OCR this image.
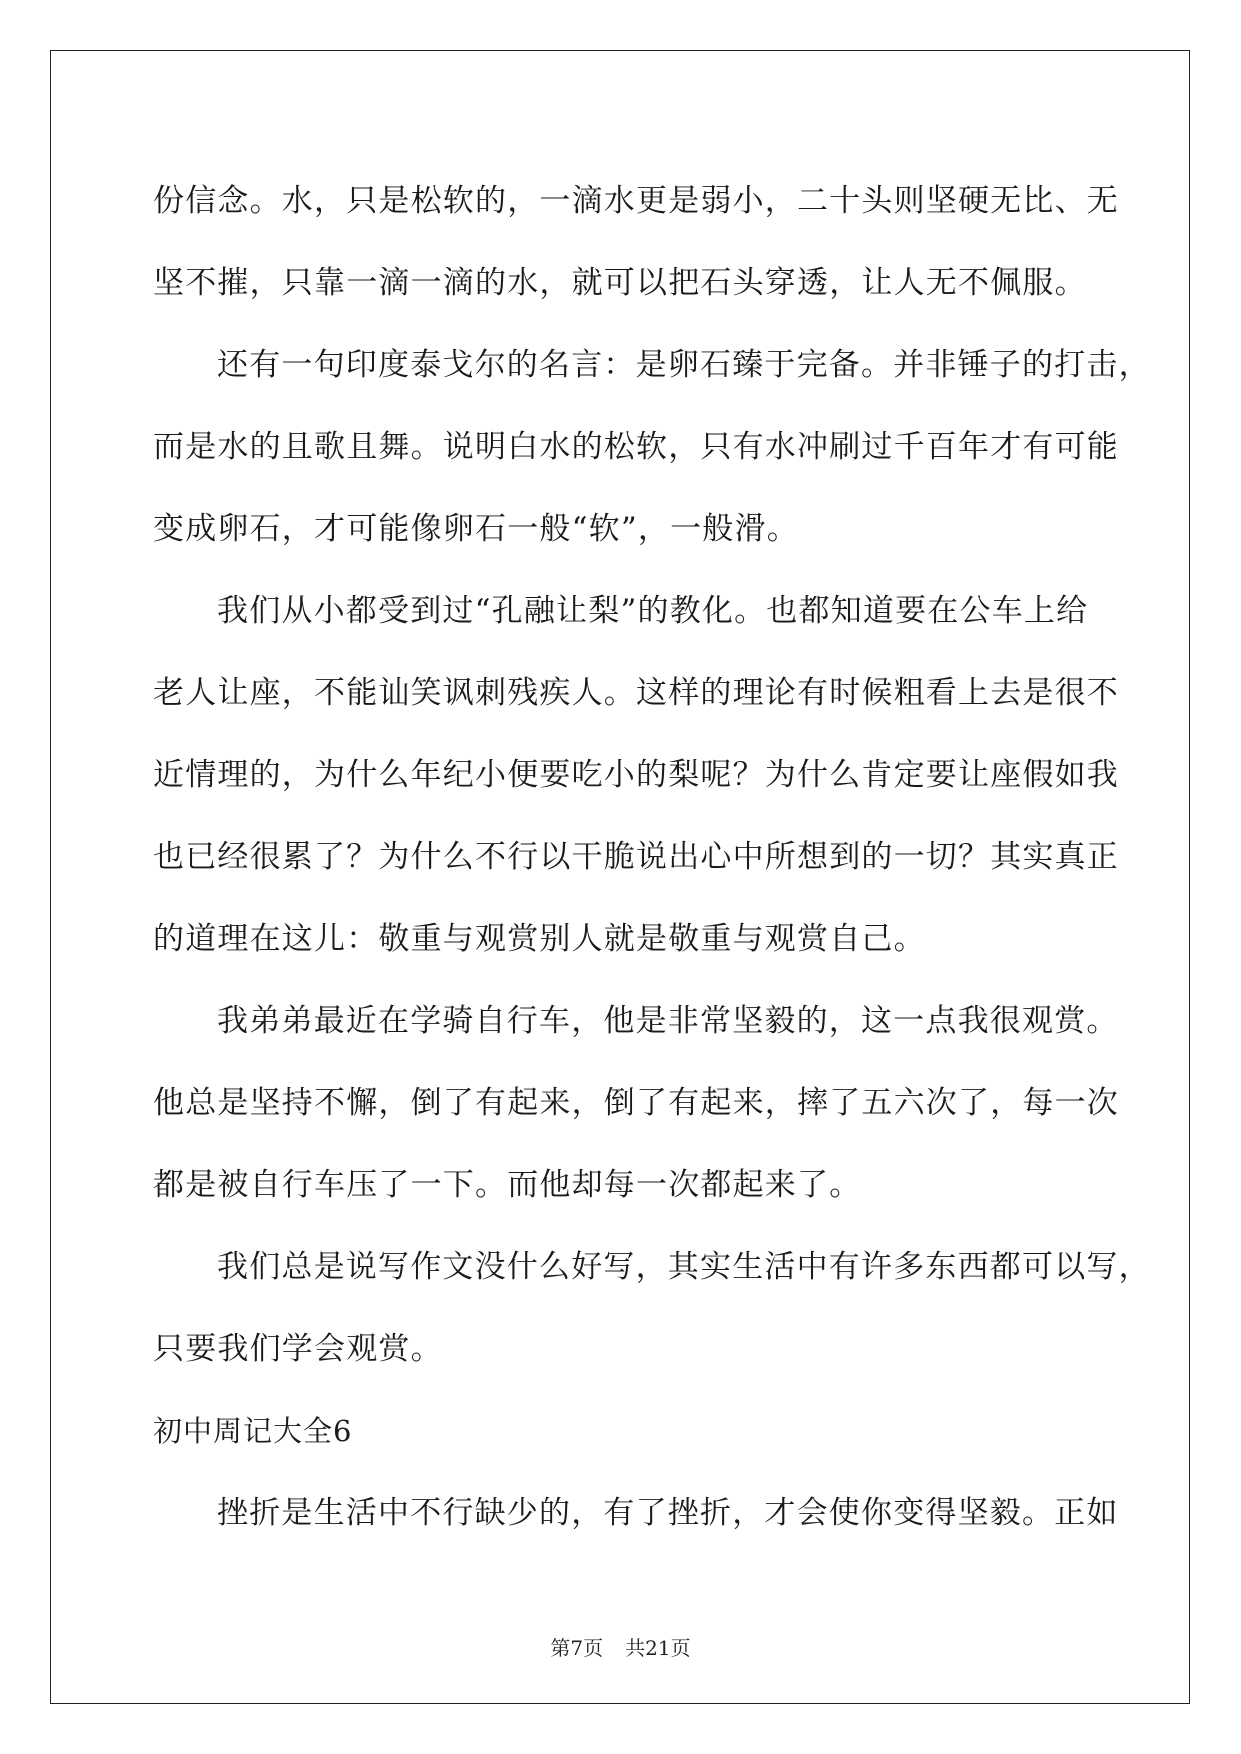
份信念。水，只是松软的，一滴水更是弱小，二十头则坚硬无比、无
坚不摧，只靠一滴一滴的水，就可以把石头穿透，让人无不佩服。
还有一句印度泰戈尔的名言：是卵石臻于完备。并非锤子的打击，
而是水的且歌且舞。说明白水的松软，只有水冲刷过千百年才有可能
变成卵石，才可能像卵石一般“软”，一般滑。
我们从小都受到过“孔融让梨”的教化。也都知道要在公车上给
老人让座，不能讪笑讽刺残疾人。这样的理论有时候粗看上去是很不
近情理的，为什么年纪小便要吃小的梨呢？为什么肯定要让座假如我
也已经很累了？为什么不行以干脆说出心中所想到的一切？其实真正
的道理在这儿：敬重与观赏别人就是敬重与观赏自己。
我弟弟最近在学骑自行车，他是非常坚毅的，这一点我很观赏。
他总是坚持不懈，倒了有起来，倒了有起来，摔了五六次了，每一次
都是被自行车压了一下。而他却每一次都起来了。
我们总是说写作文没什么好写，其实生活中有许多东西都可以写，
只要我们学会观赏。
初中周记大全6
挫折是生活中不行缺少的，有了挫折，才会使你变得坚毅。正如
第7页 共21页
